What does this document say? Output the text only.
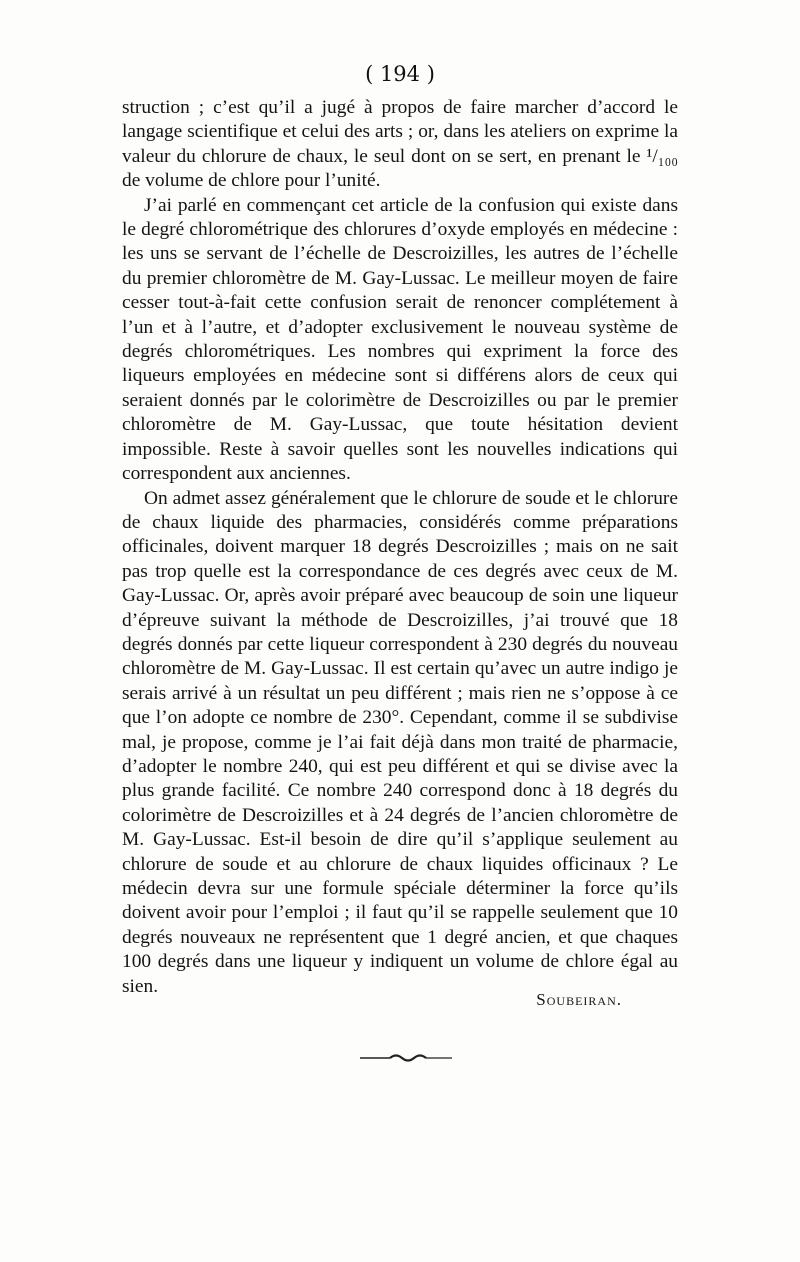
( 194 )

struction ; c’est qu’il a jugé à propos de faire marcher d’accord le langage scientifique et celui des arts ; or, dans les ateliers on exprime la valeur du chlorure de chaux, le seul dont on se sert, en prenant le ¹/₁₀₀ de volume de chlore pour l’unité.

J’ai parlé en commençant cet article de la confusion qui existe dans le degré chlorométrique des chlorures d’oxyde employés en médecine : les uns se servant de l’échelle de Descroizilles, les autres de l’échelle du premier chloromètre de M. Gay-Lussac. Le meilleur moyen de faire cesser tout-à-fait cette confusion serait de renoncer complétement à l’un et à l’autre, et d’adopter exclusivement le nouveau système de degrés chlorométriques. Les nombres qui expriment la force des liqueurs employées en médecine sont si différens alors de ceux qui seraient donnés par le colorimètre de Descroizilles ou par le premier chloromètre de M. Gay-Lussac, que toute hésitation devient impossible. Reste à savoir quelles sont les nouvelles indications qui correspondent aux anciennes.

On admet assez généralement que le chlorure de soude et le chlorure de chaux liquide des pharmacies, considérés comme préparations officinales, doivent marquer 18 degrés Descroizilles ; mais on ne sait pas trop quelle est la correspondance de ces degrés avec ceux de M. Gay-Lussac. Or, après avoir préparé avec beaucoup de soin une liqueur d’épreuve suivant la méthode de Descroizilles, j’ai trouvé que 18 degrés donnés par cette liqueur correspondent à 230 degrés du nouveau chloromètre de M. Gay-Lussac. Il est certain qu’avec un autre indigo je serais arrivé à un résultat un peu différent ; mais rien ne s’oppose à ce que l’on adopte ce nombre de 230°. Cependant, comme il se subdivise mal, je propose, comme je l’ai fait déjà dans mon traité de pharmacie, d’adopter le nombre 240, qui est peu différent et qui se divise avec la plus grande facilité. Ce nombre 240 correspond donc à 18 degrés du colorimètre de Descroizilles et à 24 degrés de l’ancien chloromètre de M. Gay-Lussac. Est-il besoin de dire qu’il s’applique seulement au chlorure de soude et au chlorure de chaux liquides officinaux ? Le médecin devra sur une formule spéciale déterminer la force qu’ils doivent avoir pour l’emploi ; il faut qu’il se rappelle seulement que 10 degrés nouveaux ne représentent que 1 degré ancien, et que chaques 100 degrés dans une liqueur y indiquent un volume de chlore égal au sien.

Soubeiran.
